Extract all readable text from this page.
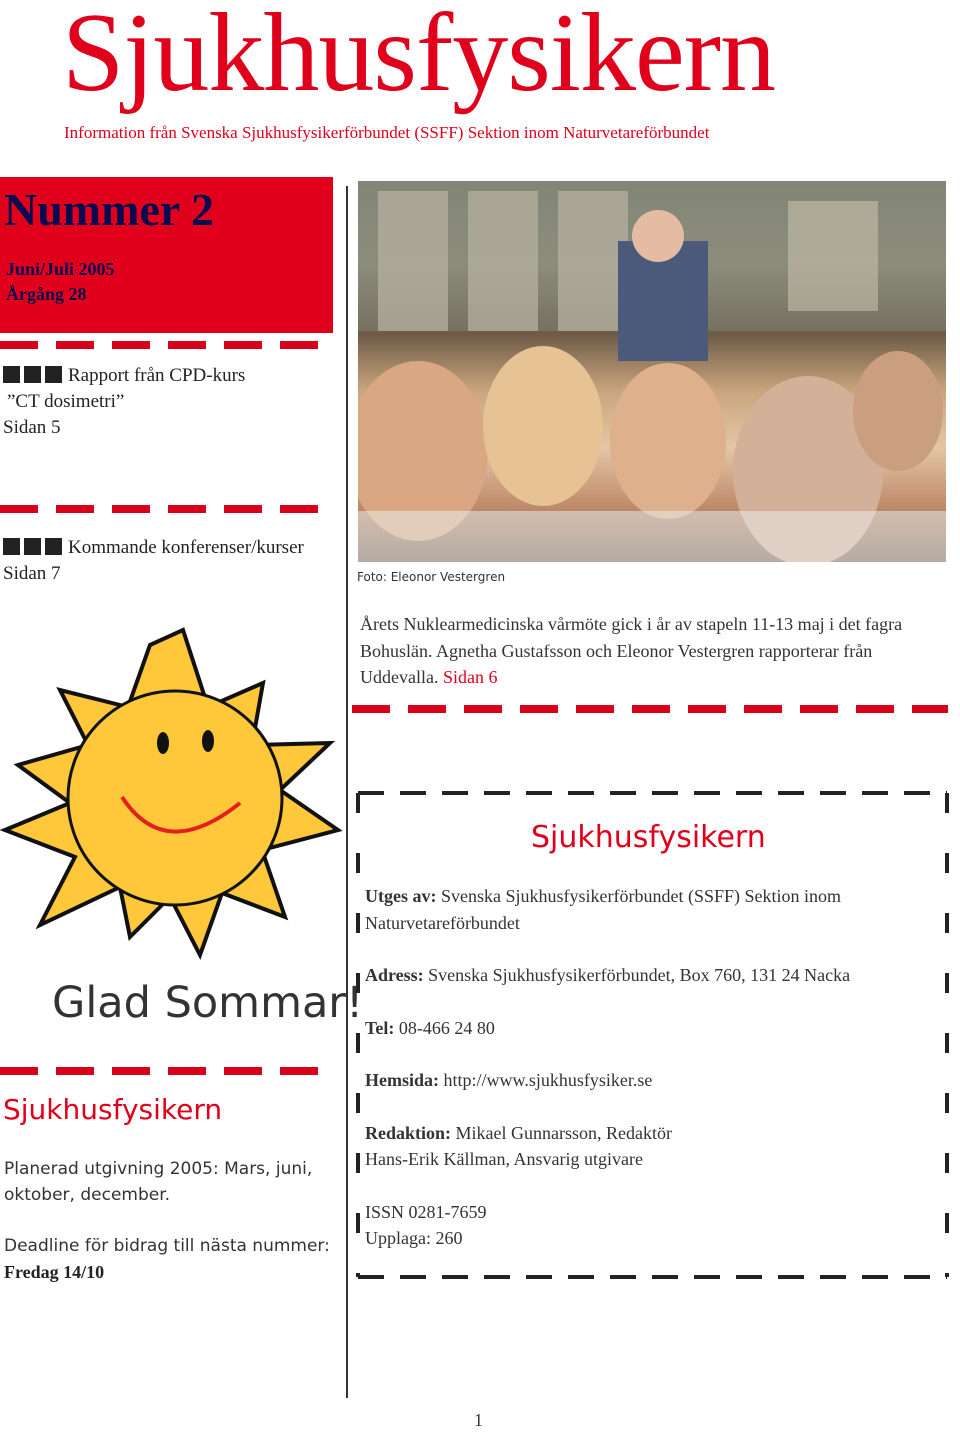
Sjukhusfysikern
Information från Svenska Sjukhusfysikerförbundet (SSFF) Sektion inom Naturvetareförbundet
Nummer 2
Juni/Juli 2005
Årgång 28
Rapport från CPD-kurs
”CT dosimetri”
Sidan 5
Kommande konferenser/kurser
Sidan 7	Foto: Eleonor Vestergren
Årets Nuklearmedicinska vårmöte gick i år av stapeln 11-13 maj i det fagra Bohuslän. Agnetha Gustafsson och Eleonor Vestergren rapporterar från Uddevalla. Sidan 6
Glad Sommar!
Sjukhusfysikern
Planerad utgivning 2005: Mars, juni, oktober, december.
Deadline för bidrag till nästa nummer:
Fredag 14/10
Sjukhusfysikern
Utges av: Svenska Sjukhusfysikerförbundet (SSFF) Sektion inom Naturvetareförbundet
Adress: Svenska Sjukhusfysikerförbundet, Box 760, 131 24 Nacka
Tel: 08-466 24 80
Hemsida: http://www.sjukhusfysiker.se
Redaktion: Mikael Gunnarsson, Redaktör
Hans-Erik Källman, Ansvarig utgivare
ISSN 0281-7659
Upplaga: 260
1
